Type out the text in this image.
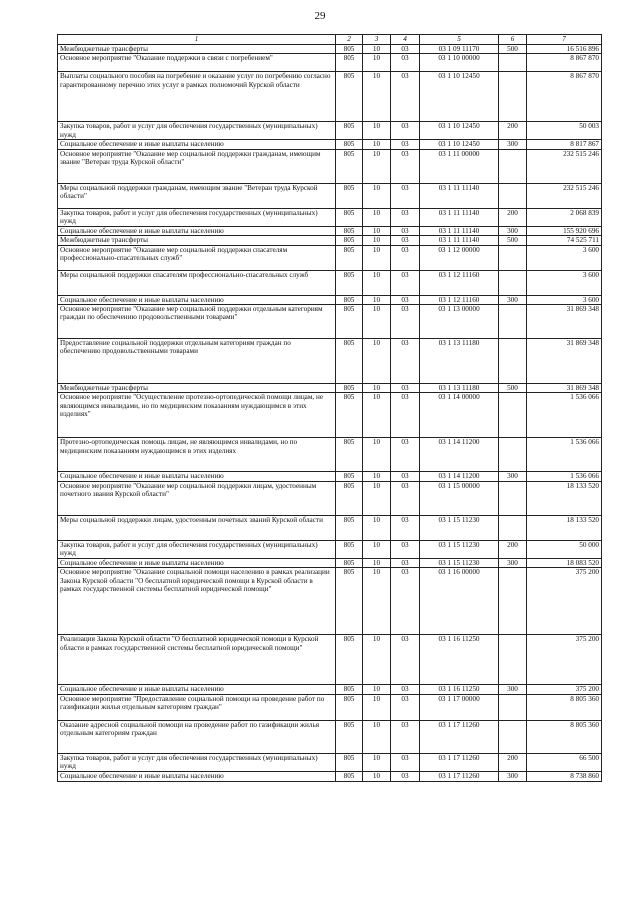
29
1	2	3	4	5	6	7
Межбюджетные трансферты	805	10	03	03 1 09 11170	500	16 516 896
Основное мероприятие "Оказание поддержки в связи с погребением"	805	10	03	03 1 10 00000		8 867 870
Выплаты социального пособия на погребение и оказание услуг по погребению согласно гарантированному перечню этих услуг в рамках полномочий Курской области	805	10	03	03 1 10 12450		8 867 870
Закупка товаров, работ и услуг для обеспечения государственных (муниципальных) нужд	805	10	03	03 1 10 12450	200	50 003
Социальное обеспечение и иные выплаты населению	805	10	03	03 1 10 12450	300	8 817 867
Основное мероприятие "Оказание мер социальной поддержки гражданам, имеющим звание "Ветеран труда Курской области"	805	10	03	03 1 11 00000		232 515 246
Меры социальной поддержки гражданам, имеющим звание "Ветеран труда Курской области"	805	10	03	03 1 11 11140		232 515 246
Закупка товаров, работ и услуг для обеспечения государственных (муниципальных) нужд	805	10	03	03 1 11 11140	200	2 068 839
Социальное обеспечение и иные выплаты населению	805	10	03	03 1 11 11140	300	155 920 696
Межбюджетные трансферты	805	10	03	03 1 11 11140	500	74 525 711
Основное мероприятие "Оказание мер социальной поддержки спасателям профессионально-спасательных служб"	805	10	03	03 1 12 00000		3 600
Меры социальной поддержки спасателям профессионально-спасательных служб	805	10	03	03 1 12 11160		3 600
Социальное обеспечение и иные выплаты населению	805	10	03	03 1 12 11160	300	3 600
Основное мероприятие "Оказание мер социальной поддержки отдельным категориям граждан по обеспечению продовольственными товарами"	805	10	03	03 1 13 00000		31 869 348
Предоставление социальной поддержки отдельным категориям граждан по обеспечению продовольственными товарами	805	10	03	03 1 13 11180		31 869 348
Межбюджетные трансферты	805	10	03	03 1 13 11180	500	31 869 348
Основное мероприятие "Осуществление протезно-ортопедической помощи лицам, не являющимся инвалидами, но по медицинским показаниям нуждающимся в этих изделиях"	805	10	03	03 1 14 00000		1 536 066
Протезно-ортопедическая помощь лицам, не являющимся инвалидами, но по медицинским показаниям нуждающимся в этих изделиях	805	10	03	03 1 14 11200		1 536 066
Социальное обеспечение и иные выплаты населению	805	10	03	03 1 14 11200	300	1 536 066
Основное мероприятие "Оказание мер социальной поддержки лицам, удостоенным почетного звания Курской области"	805	10	03	03 1 15 00000		18 133 520
Меры социальной поддержки лицам, удостоенным почетных званий Курской области	805	10	03	03 1 15 11230		18 133 520
Закупка товаров, работ и услуг для обеспечения государственных (муниципальных) нужд	805	10	03	03 1 15 11230	200	50 000
Социальное обеспечение и иные выплаты населению	805	10	03	03 1 15 11230	300	18 083 520
Основное мероприятие "Оказание социальной помощи населению в рамках реализации Закона Курской области "О бесплатной юридической помощи в Курской области в рамках государственной системы бесплатной юридической помощи"	805	10	03	03 1 16 00000		375 200
Реализация Закона Курской области "О бесплатной юридической помощи в Курской области в рамках государственной системы бесплатной юридической помощи"	805	10	03	03 1 16 11250		375 200
Социальное обеспечение и иные выплаты населению	805	10	03	03 1 16 11250	300	375 200
Основное мероприятие "Предоставление социальной помощи на проведение работ по газификации жилья отдельным категориям граждан"	805	10	03	03 1 17 00000		8 805 360
Оказание адресной социальной помощи на проведение работ по газификации жилья отдельным категориям граждан	805	10	03	03 1 17 11260		8 805 360
Закупка товаров, работ и услуг для обеспечения государственных (муниципальных) нужд	805	10	03	03 1 17 11260	200	66 500
Социальное обеспечение и иные выплаты населению	805	10	03	03 1 17 11260	300	8 738 860
